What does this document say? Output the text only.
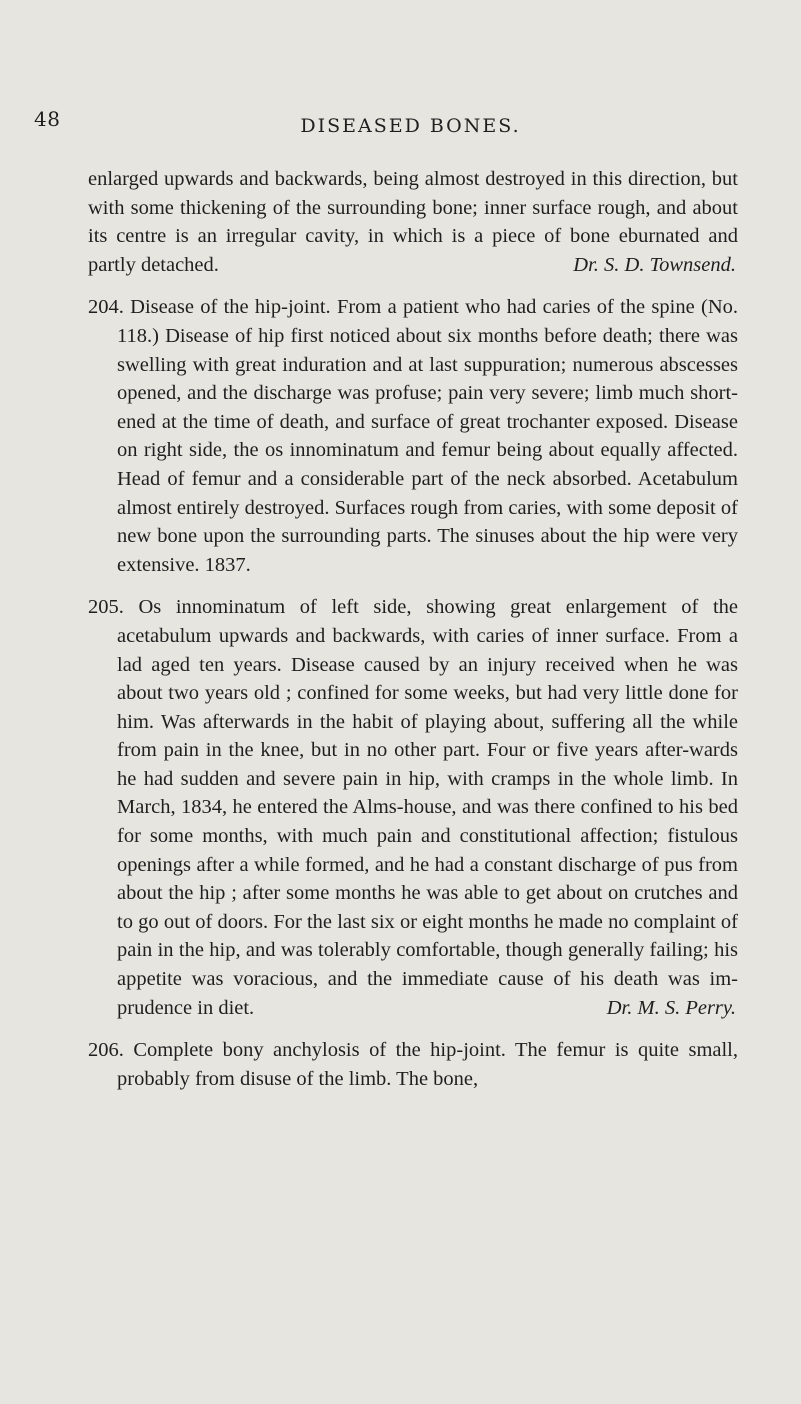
48	DISEASED BONES.

enlarged upwards and backwards, being almost destroyed in this direction, but with some thickening of the surrounding bone; inner surface rough, and about its centre is an irregular cavity, in which is a piece of bone eburnated and partly detached.	Dr. S. D. Townsend.

204. Disease of the hip-joint. From a patient who had caries of the spine (No. 118.) Disease of hip first noticed about six months before death; there was swelling with great induration and at last suppuration; numerous abscesses opened, and the discharge was profuse; pain very severe; limb much short-ened at the time of death, and surface of great trochanter exposed. Disease on right side, the os innominatum and femur being about equally affected. Head of femur and a considerable part of the neck absorbed. Acetabulum almost entirely destroyed. Surfaces rough from caries, with some deposit of new bone upon the surrounding parts. The sinuses about the hip were very extensive. 1837.

205. Os innominatum of left side, showing great enlargement of the acetabulum upwards and backwards, with caries of inner surface. From a lad aged ten years. Disease caused by an injury received when he was about two years old ; confined for some weeks, but had very little done for him. Was afterwards in the habit of playing about, suffering all the while from pain in the knee, but in no other part. Four or five years after-wards he had sudden and severe pain in hip, with cramps in the whole limb. In March, 1834, he entered the Alms-house, and was there confined to his bed for some months, with much pain and constitutional affection; fistulous openings after a while formed, and he had a constant discharge of pus from about the hip ; after some months he was able to get about on crutches and to go out of doors. For the last six or eight months he made no complaint of pain in the hip, and was tolerably comfortable, though generally failing; his appetite was voracious, and the immediate cause of his death was im-prudence in diet.	Dr. M. S. Perry.

206. Complete bony anchylosis of the hip-joint. The femur is quite small, probably from disuse of the limb. The bone,
